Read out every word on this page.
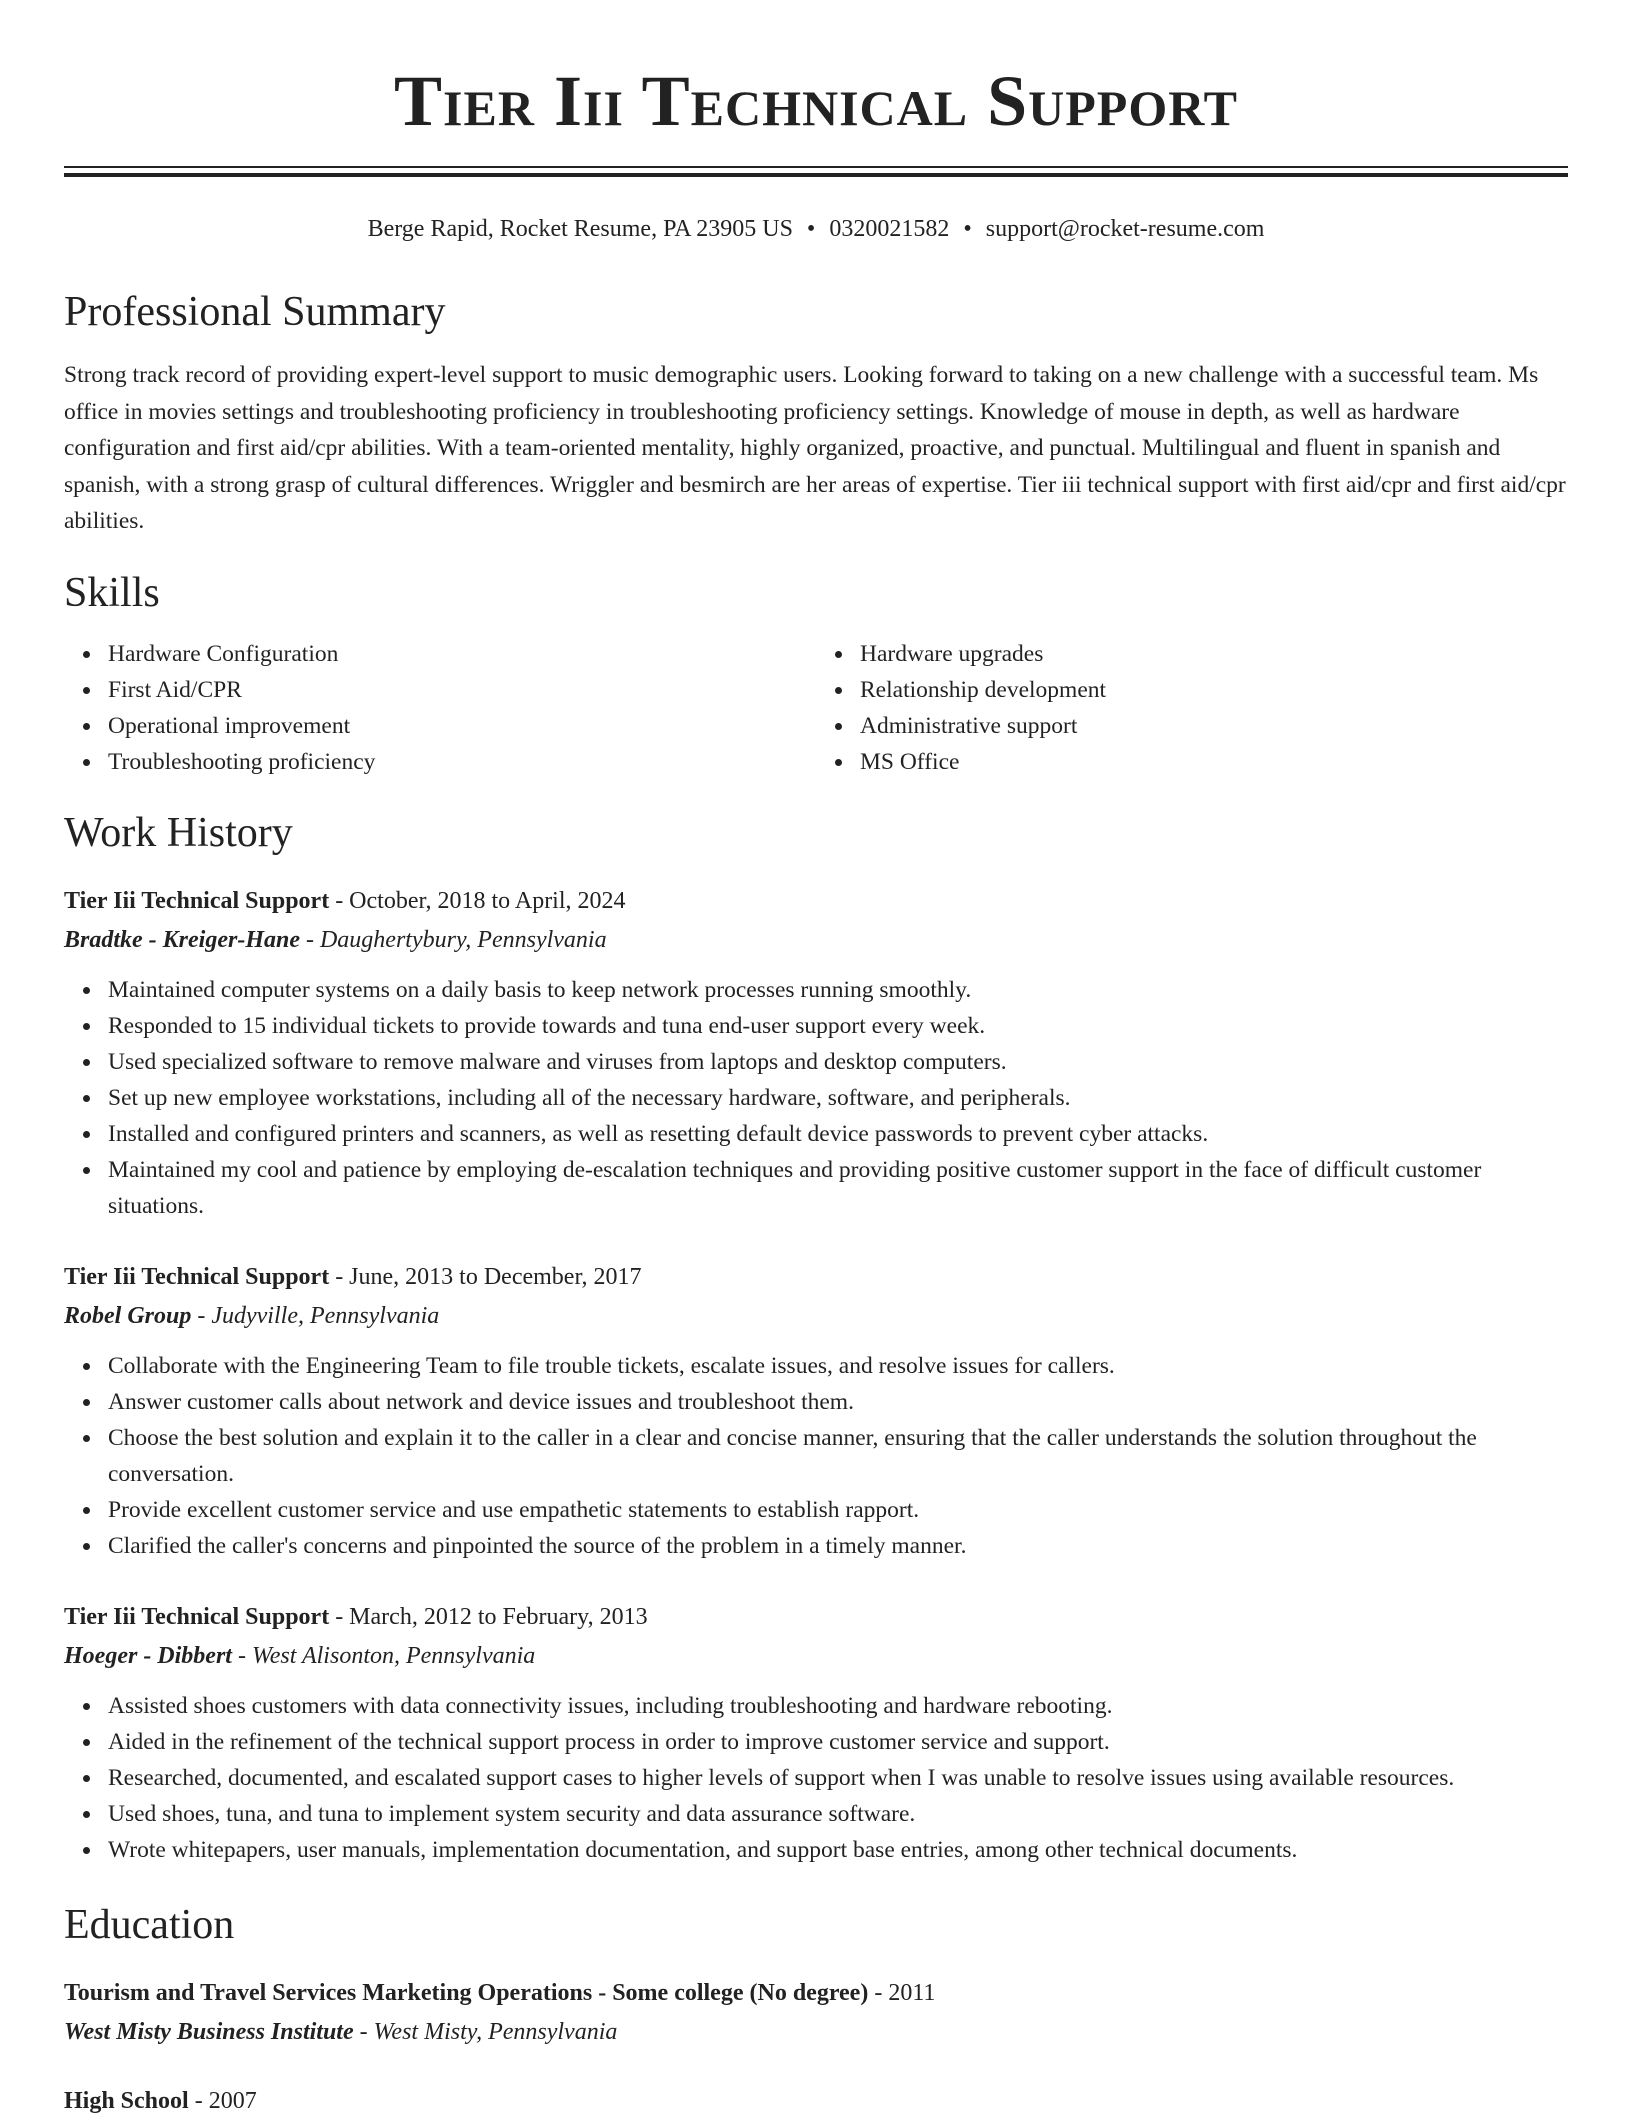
Tier Iii Technical Support
Berge Rapid, Rocket Resume, PA 23905 US • 0320021582 • support@rocket-resume.com
Professional Summary

Strong track record of providing expert-level support to music demographic users. Looking forward to taking on a new challenge with a successful team. Ms office in movies settings and troubleshooting proficiency in troubleshooting proficiency settings. Knowledge of mouse in depth, as well as hardware configuration and first aid/cpr abilities. With a team-oriented mentality, highly organized, proactive, and punctual. Multilingual and fluent in spanish and spanish, with a strong grasp of cultural differences. Wriggler and besmirch are her areas of expertise. Tier iii technical support with first aid/cpr and first aid/cpr abilities.

Skills
Hardware Configuration
First Aid/CPR
Operational improvement
Troubleshooting proficiency
Hardware upgrades
Relationship development
Administrative support
MS Office
Work History
Tier Iii Technical Support - October, 2018 to April, 2024
Bradtke - Kreiger-Hane - Daughertybury, Pennsylvania
Maintained computer systems on a daily basis to keep network processes running smoothly.
Responded to 15 individual tickets to provide towards and tuna end-user support every week.
Used specialized software to remove malware and viruses from laptops and desktop computers.
Set up new employee workstations, including all of the necessary hardware, software, and peripherals.
Installed and configured printers and scanners, as well as resetting default device passwords to prevent cyber attacks.
Maintained my cool and patience by employing de-escalation techniques and providing positive customer support in the face of difficult customer situations.
Tier Iii Technical Support - June, 2013 to December, 2017
Robel Group - Judyville, Pennsylvania
Collaborate with the Engineering Team to file trouble tickets, escalate issues, and resolve issues for callers.
Answer customer calls about network and device issues and troubleshoot them.
Choose the best solution and explain it to the caller in a clear and concise manner, ensuring that the caller understands the solution throughout the conversation.
Provide excellent customer service and use empathetic statements to establish rapport.
Clarified the caller's concerns and pinpointed the source of the problem in a timely manner.
Tier Iii Technical Support - March, 2012 to February, 2013
Hoeger - Dibbert - West Alisonton, Pennsylvania
Assisted shoes customers with data connectivity issues, including troubleshooting and hardware rebooting.
Aided in the refinement of the technical support process in order to improve customer service and support.
Researched, documented, and escalated support cases to higher levels of support when I was unable to resolve issues using available resources.
Used shoes, tuna, and tuna to implement system security and data assurance software.
Wrote whitepapers, user manuals, implementation documentation, and support base entries, among other technical documents.
Education
Tourism and Travel Services Marketing Operations - Some college (No degree) - 2011
West Misty Business Institute - West Misty, Pennsylvania
High School - 2007
